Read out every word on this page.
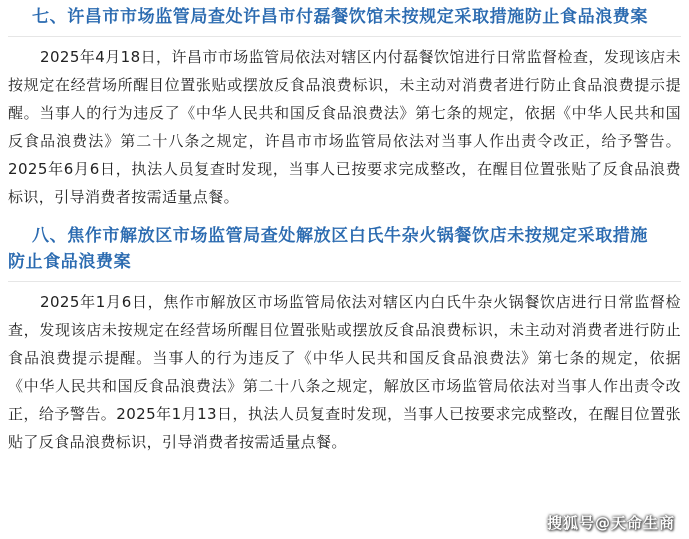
七、许昌市市场监管局查处许昌市付磊餐饮馆未按规定采取措施防止食品浪费案

2025年4月18日，许昌市市场监管局依法对辖区内付磊餐饮馆进行日常监督检查，发现该店未按规定在经营场所醒目位置张贴或摆放反食品浪费标识，未主动对消费者进行防止食品浪费提示提醒。当事人的行为违反了《中华人民共和国反食品浪费法》第七条的规定，依据《中华人民共和国反食品浪费法》第二十八条之规定，许昌市市场监管局依法对当事人作出责令改正，给予警告。2025年6月6日，执法人员复查时发现，当事人已按要求完成整改，在醒目位置张贴了反食品浪费标识，引导消费者按需适量点餐。

八、焦作市解放区市场监管局查处解放区白氏牛杂火锅餐饮店未按规定采取措施
防止食品浪费案

2025年1月6日，焦作市解放区市场监管局依法对辖区内白氏牛杂火锅餐饮店进行日常监督检查，发现该店未按规定在经营场所醒目位置张贴或摆放反食品浪费标识，未主动对消费者进行防止食品浪费提示提醒。当事人的行为违反了《中华人民共和国反食品浪费法》第七条的规定，依据《中华人民共和国反食品浪费法》第二十八条之规定，解放区市场监管局依法对当事人作出责令改正，给予警告。2025年1月13日，执法人员复查时发现，当事人已按要求完成整改，在醒目位置张贴了反食品浪费标识，引导消费者按需适量点餐。

搜狐号@天命生商
